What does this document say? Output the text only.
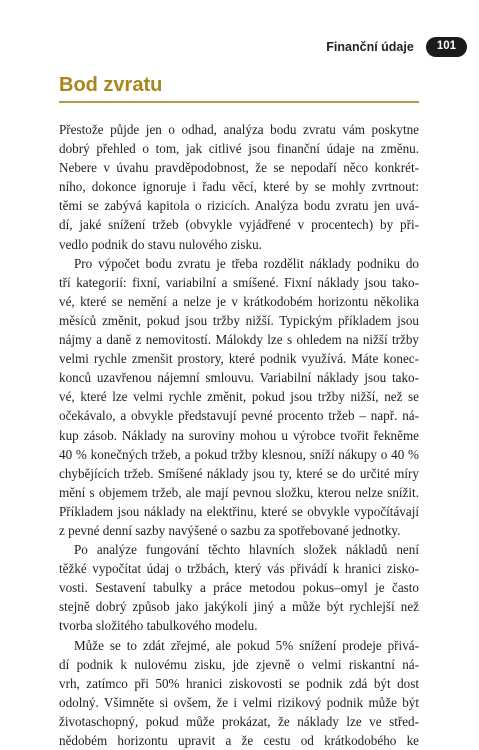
Finanční údaje	101
Bod zvratu
Přestože půjde jen o odhad, analýza bodu zvratu vám poskytne
dobrý přehled o tom, jak citlivé jsou finanční údaje na změnu.
Nebere v úvahu pravděpodobnost, že se nepodaří něco konkrét-
ního, dokonce ignoruje i řadu věcí, které by se mohly zvrtnout:
těmi se zabývá kapitola o rizicích. Analýza bodu zvratu jen uvá-
dí, jaké snížení tržeb (obvykle vyjádřené v procentech) by při-
vedlo podnik do stavu nulového zisku.
Pro výpočet bodu zvratu je třeba rozdělit náklady podniku do
tří kategorií: fixní, variabilní a smíšené. Fixní náklady jsou tako-
vé, které se nemění a nelze je v krátkodobém horizontu několika
měsíců změnit, pokud jsou tržby nižší. Typickým příkladem jsou
nájmy a daně z nemovitostí. Málokdy lze s ohledem na nižší tržby
velmi rychle zmenšit prostory, které podnik využívá. Máte konec-
konců uzavřenou nájemní smlouvu. Variabilní náklady jsou tako-
vé, které lze velmi rychle změnit, pokud jsou tržby nižší, než se
očekávalo, a obvykle představují pevné procento tržeb – např. ná-
kup zásob. Náklady na suroviny mohou u výrobce tvořit řekněme
40 % konečných tržeb, a pokud tržby klesnou, sníží nákupy o 40 %
chybějících tržeb. Smíšené náklady jsou ty, které se do určité míry
mění s objemem tržeb, ale mají pevnou složku, kterou nelze snížit.
Příkladem jsou náklady na elektřinu, které se obvykle vypočítávají
z pevné denní sazby navýšené o sazbu za spotřebované jednotky.
Po analýze fungování těchto hlavních složek nákladů není
těžké vypočítat údaj o tržbách, který vás přivádí k hranici zisko-
vosti. Sestavení tabulky a práce metodou pokus–omyl je často
stejně dobrý způsob jako jakýkoli jiný a může být rychlejší než
tvorba složitého tabulkového modelu.
Může se to zdát zřejmé, ale pokud 5% snížení prodeje přivá-
dí podnik k nulovému zisku, jde zjevně o velmi riskantní ná-
vrh, zatímco při 50% hranici ziskovosti se podnik zdá být dost
odolný. Všimněte si ovšem, že i velmi rizikový podnik může být
životaschopný, pokud může prokázat, že náklady lze ve střed-
nědobém horizontu upravit a že cestu od krátkodobého ke
